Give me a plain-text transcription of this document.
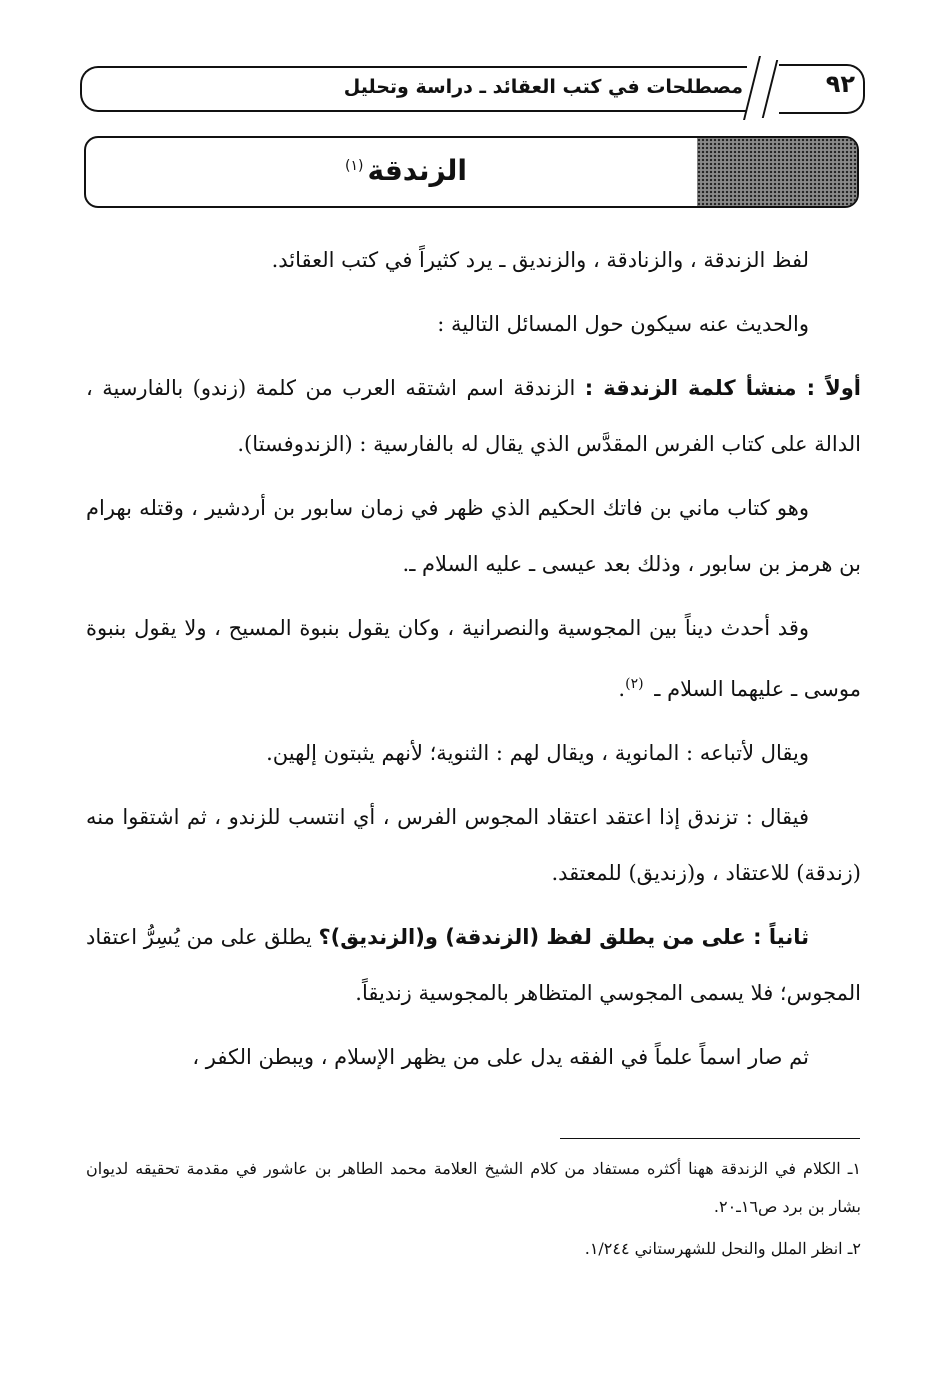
٩٢
مصطلحات في كتب العقائد ـ دراسة وتحليل
الزندقة$^{(١)}$

لفظ الزندقة ، والزنادقة ، والزنديق ـ يرد كثيراً في كتب العقائد.

والحديث عنه سيكون حول المسائل التالية :

أولاً : منشأ كلمة الزندقة : الزندقة اسم اشتقه العرب من كلمة (زندو) بالفارسية ، الدالة على كتاب الفرس المقدَّس الذي يقال له بالفارسية : (الزندوفستا).

وهو كتاب ماني بن فاتك الحكيم الذي ظهر في زمان سابور بن أردشير ، وقتله بهرام بن هرمز بن سابور ، وذلك بعد عيسى ـ عليه السلام ـ.

وقد أحدث ديناً بين المجوسية والنصرانية ، وكان يقول بنبوة المسيح ، ولا يقول بنبوة موسى ـ عليهما السلام ـ $^{(٢)}$.

ويقال لأتباعه : المانوية ، ويقال لهم : الثنوية؛ لأنهم يثبتون إلهين.

فيقال : تزندق إذا اعتقد اعتقاد المجوس الفرس ، أي انتسب للزندو ، ثم اشتقوا منه (زندقة) للاعتقاد ، و(زنديق) للمعتقد.

ثانياً : على من يطلق لفظ (الزندقة) و(الزنديق)؟ يطلق على من يُسِرُّ اعتقاد المجوس؛ فلا يسمى المجوسي المتظاهر بالمجوسية زنديقاً.

ثم صار اسماً علماً في الفقه يدل على من يظهر الإسلام ، ويبطن الكفر ،

١ـ الكلام في الزندقة ههنا أكثره مستفاد من كلام الشيخ العلامة محمد الطاهر بن عاشور في مقدمة تحقيقه لديوان بشار بن برد ص١٦ـ٢٠.

٢ـ انظر الملل والنحل للشهرستاني ١/٢٤٤.
